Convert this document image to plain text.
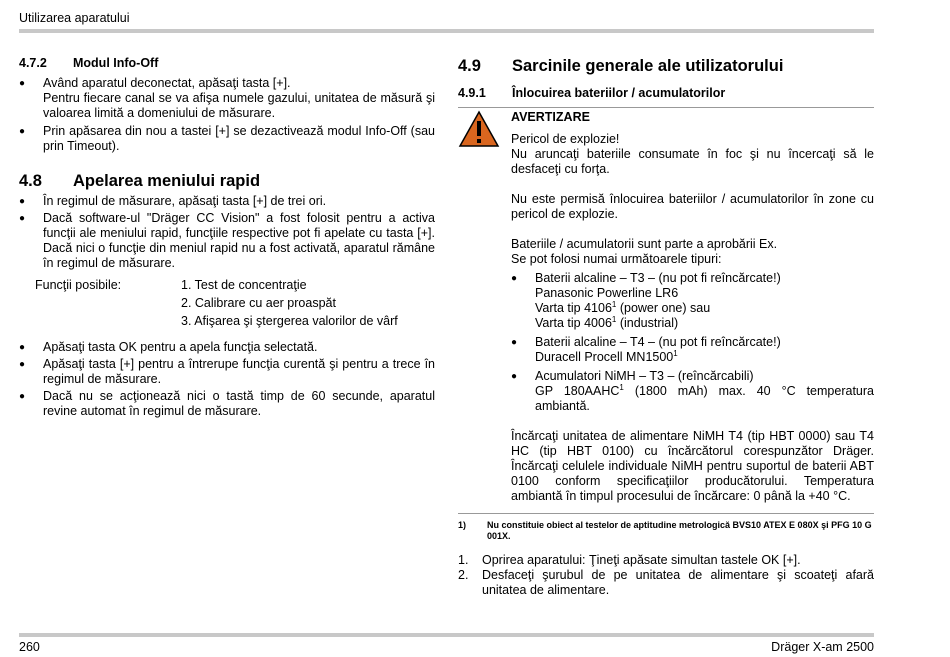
Utilizarea aparatului
4.7.2	Modul Info-Off

● Având aparatul deconectat, apăsaţi tasta [+].

Pentru fiecare canal se va afişa numele gazului, unitatea de măsură şi valoarea limită a domeniului de măsurare.

● Prin apăsarea din nou a tastei [+] se dezactivează modul Info-Off (sau prin Timeout).

4.8	Apelarea meniului rapid

● În regimul de măsurare, apăsaţi tasta [+] de trei ori.

● Dacă software-ul "Dräger CC Vision" a fost folosit pentru a activa funcţii ale meniului rapid, funcţiile respective pot fi apelate cu tasta [+]. Dacă nici o funcţie din meniul rapid nu a fost activată, aparatul rămâne în regimul de măsurare.

Funcţii posibile:	1. Test de concentraţie
2. Calibrare cu aer proaspăt
3. Afişarea şi ştergerea valorilor de vârf

● Apăsaţi tasta OK pentru a apela funcţia selectată.

● Apăsaţi tasta [+] pentru a întrerupe funcţia curentă şi pentru a trece în regimul de măsurare.

● Dacă nu se acţionează nici o tastă timp de 60 secunde, aparatul revine automat în regimul de măsurare.

4.9	Sarcinile generale ale utilizatorului
4.9.1	Înlocuirea bateriilor / acumulatorilor
AVERTIZARE

Pericol de explozie!

Nu aruncaţi bateriile consumate în foc şi nu încercaţi să le desfaceţi cu forţa.

Nu este permisă înlocuirea bateriilor / acumulatorilor în zone cu pericol de explozie.

Bateriile / acumulatorii sunt parte a aprobării Ex.

Se pot folosi numai următoarele tipuri:

● Baterii alcaline – T3 – (nu pot fi reîncărcate!)

Panasonic Powerline LR6

Varta tip 4106$^1$ (power one) sau

Varta tip 4006$^1$ (industrial)

● Baterii alcaline – T4 – (nu pot fi reîncărcate!)

Duracell Procell MN1500$^1$

● Acumulatori NiMH – T3 – (reîncărcabili)

GP 180AAHC$^1$ (1800 mAh) max. 40 °C temperatura ambiantă.

Încărcaţi unitatea de alimentare NiMH T4 (tip HBT 0000) sau T4 HC (tip HBT 0100) cu încărcătorul corespunzător Dräger. Încărcaţi celulele individuale NiMH pentru suportul de baterii ABT 0100 conform specificaţiilor producătorului. Temperatura ambiantă în timpul procesului de încărcare: 0 până la +40 °C.

1)	Nu constituie obiect al testelor de aptitudine metrologică BVS10 ATEX E 080X şi PFG 10 G 001X.
1.	Oprirea aparatului: Ţineţi apăsate simultan tastele OK [+].
2.	Desfaceţi şurubul de pe unitatea de alimentare şi scoateţi afară unitatea de alimentare.
260	Dräger X-am 2500
